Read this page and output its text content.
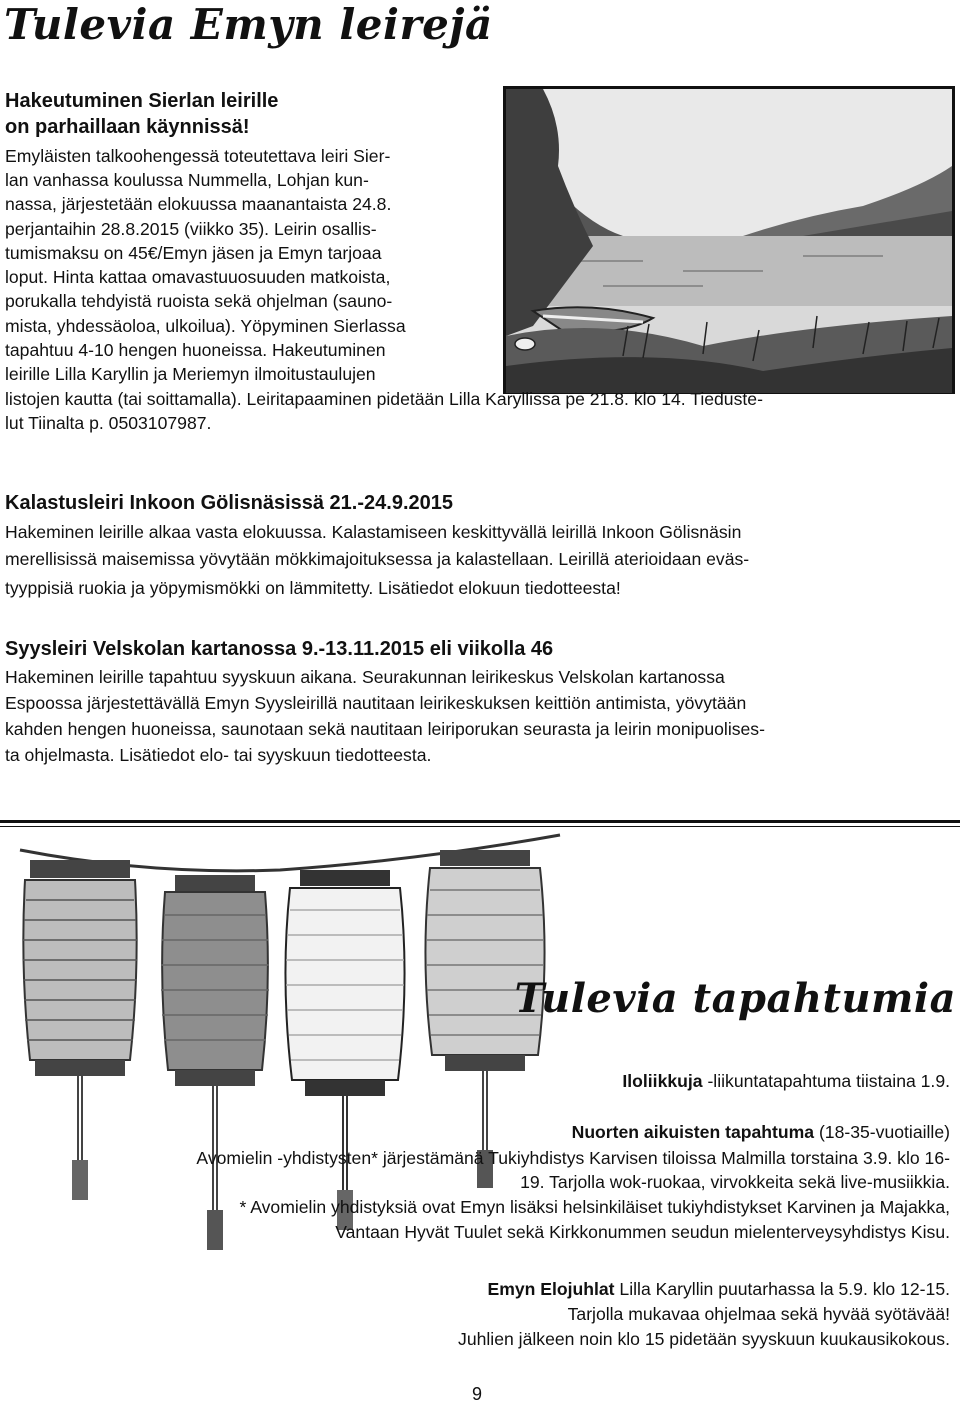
Tulevia Emyn leirejä
Hakeutuminen Sierlan leirille
on parhaillaan käynnissä!
Emyläisten talkoohengessä toteutettava leiri Sier-
lan vanhassa koulussa Nummella, Lohjan kun-
nassa, järjestetään elokuussa maanantaista 24.8.
perjantaihin 28.8.2015 (viikko 35). Leirin osallis-
tumismaksu on 45€/Emyn jäsen ja Emyn tarjoaa
loput. Hinta kattaa omavastuuosuuden matkoista,
porukalla tehdyistä ruoista sekä ohjelman (sauno-
mista, yhdessäoloa, ulkoilua). Yöpyminen Sierlassa
tapahtuu 4-10 hengen huoneissa. Hakeutuminen
leirille Lilla Karyllin ja Meriemyn ilmoitustaulujen
listojen kautta (tai soittamalla). Leiritapaaminen pidetään Lilla Karyllissa pe 21.8. klo 14. Tiedustе-
lut Tiinalta p. 0503107987.
Kalastusleiri Inkoon Gölisnäsissä 21.-24.9.2015
Hakeminen leirille alkaa vasta elokuussa. Kalastamiseen keskittyvällä leirillä Inkoon Gölisnäsin
merellisissä maisemissa yövytään mökkimajoituksessa ja kalastellaan. Leirillä aterioidaan eväs-
tyyppisiä ruokia ja yöpymismökki on lämmitetty. Lisätiedot elokuun tiedotteesta!
Syysleiri Velskolan kartanossa 9.-13.11.2015 eli viikolla 46
Hakeminen leirille tapahtuu syyskuun aikana. Seurakunnan leirikeskus Velskolan kartanossa
Espoossa järjestettävällä Emyn Syysleirillä nautitaan leirikeskuksen keittiön antimista, yövytään
kahden hengen huoneissa, saunotaan sekä nautitaan leiriporukan seurasta ja leirin monipuolises-
ta ohjelmasta. Lisätiedot elo- tai syyskuun tiedotteesta.
Tulevia tapahtumia
Iloliikkuja -liikuntatapahtuma tiistaina 1.9.
Nuorten aikuisten tapahtuma (18-35-vuotiaille)
Avomielin -yhdistysten* järjestämänä Tukiyhdistys Karvisen tiloissa Malmilla torstaina 3.9. klo 16-
19. Tarjolla wok-ruokaa, virvokkeita sekä live-musiikkia.
* Avomielin yhdistyksiä ovat Emyn lisäksi helsinkiläiset tukiyhdistykset Karvinen ja Majakka,
Vantaan Hyvät Tuulet sekä Kirkkonummen seudun mielenterveysyhdistys Kisu.
Emyn Elojuhlat Lilla Karyllin puutarhassa la 5.9. klo 12-15.
Tarjolla mukavaa ohjelmaa sekä hyvää syötävää!
Juhlien jälkeen noin klo 15 pidetään syyskuun kuukausikokous.
9
